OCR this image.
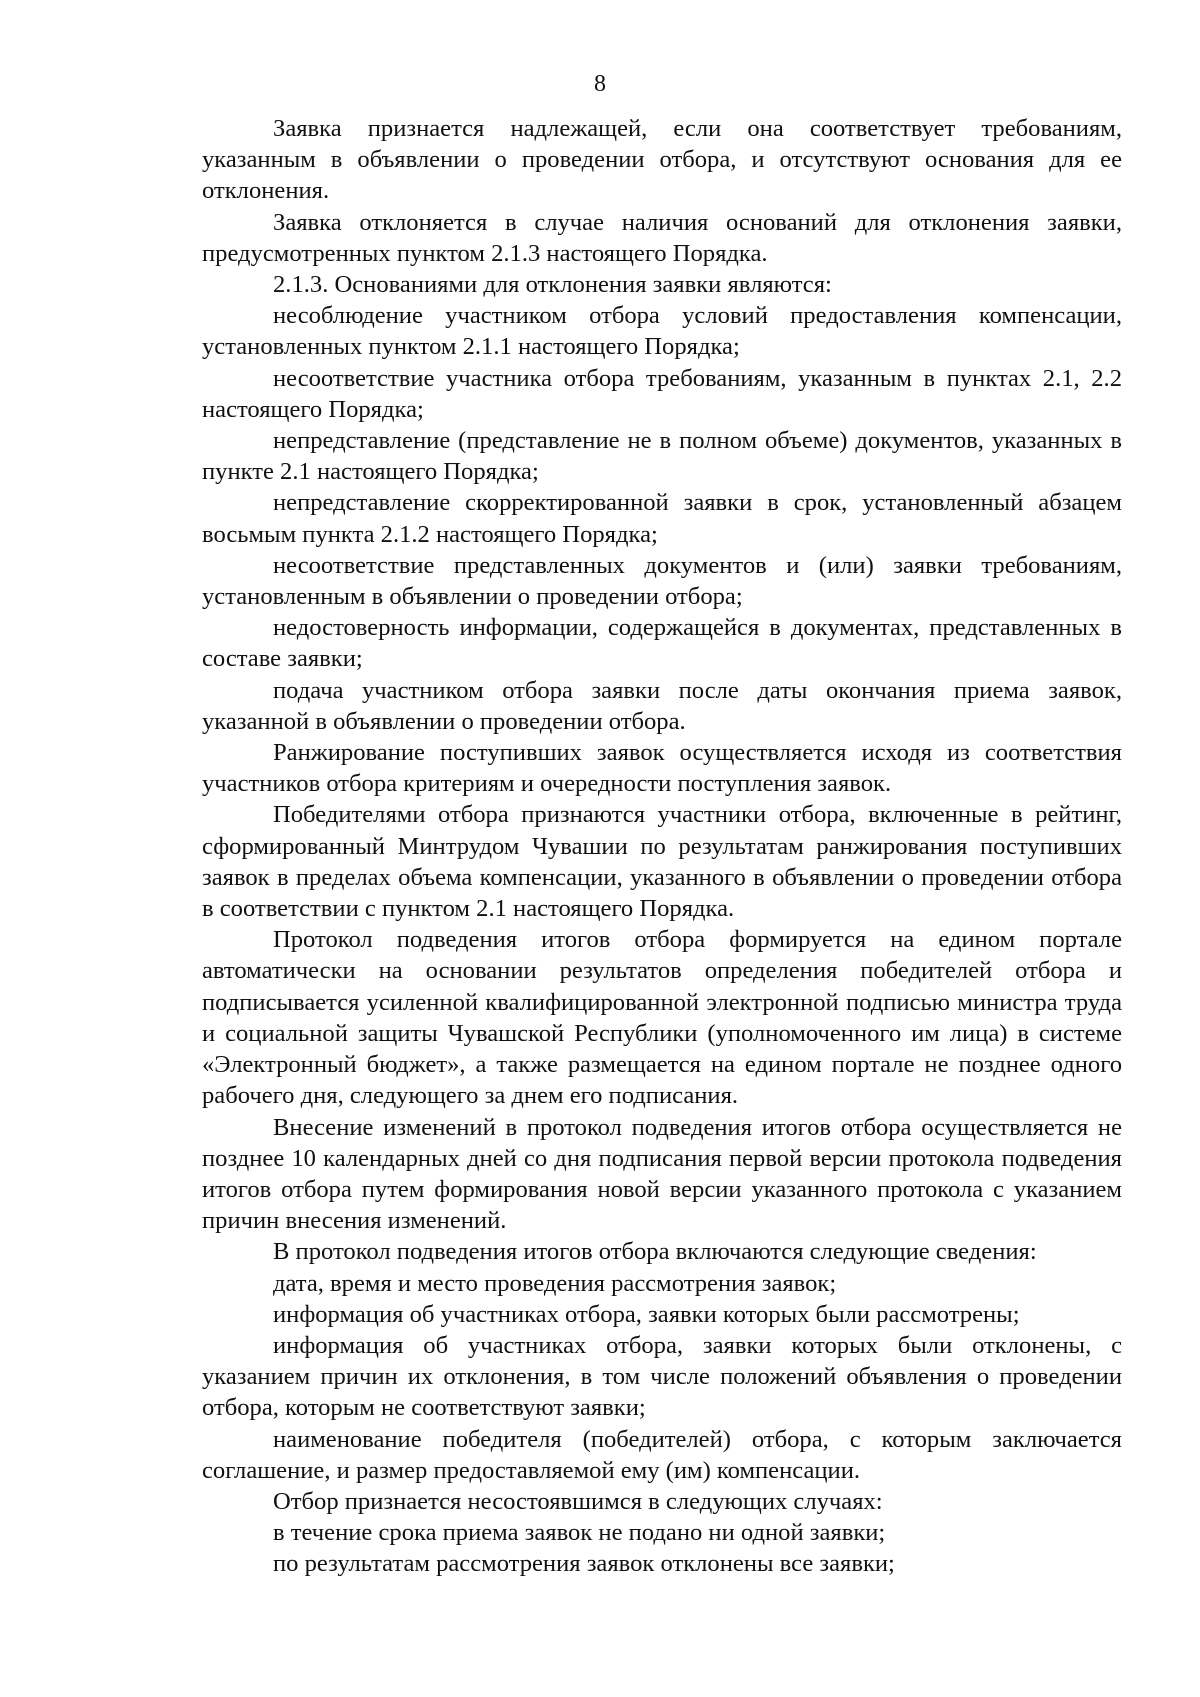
8

Заявка признается надлежащей, если она соответствует требованиям, указанным в объявлении о проведении отбора, и отсутствуют основания для ее отклонения.

Заявка отклоняется в случае наличия оснований для отклонения заявки, предусмотренных пунктом 2.1.3 настоящего Порядка.

2.1.3. Основаниями для отклонения заявки являются:

несоблюдение участником отбора условий предоставления компенсации, установленных пунктом 2.1.1 настоящего Порядка;

несоответствие участника отбора требованиям, указанным в пунктах 2.1, 2.2 настоящего Порядка;

непредставление (представление не в полном объеме) документов, указанных в пункте 2.1 настоящего Порядка;

непредставление скорректированной заявки в срок, установленный абзацем восьмым пункта 2.1.2 настоящего Порядка;

несоответствие представленных документов и (или) заявки требованиям, установленным в объявлении о проведении отбора;

недостоверность информации, содержащейся в документах, представленных в составе заявки;

подача участником отбора заявки после даты окончания приема заявок, указанной в объявлении о проведении отбора.

Ранжирование поступивших заявок осуществляется исходя из соответствия участников отбора критериям и очередности поступления заявок.

Победителями отбора признаются участники отбора, включенные в рейтинг, сформированный Минтрудом Чувашии по результатам ранжирования поступивших заявок в пределах объема компенсации, указанного в объявлении о проведении отбора в соответствии с пунктом 2.1 настоящего Порядка.

Протокол подведения итогов отбора формируется на едином портале автоматически на основании результатов определения победителей отбора и подписывается усиленной квалифицированной электронной подписью министра труда и социальной защиты Чувашской Республики (уполномоченного им лица) в системе «Электронный бюджет», а также размещается на едином портале не позднее одного рабочего дня, следующего за днем его подписания.

Внесение изменений в протокол подведения итогов отбора осуществляется не позднее 10 календарных дней со дня подписания первой версии протокола подведения итогов отбора путем формирования новой версии указанного протокола с указанием причин внесения изменений.

В протокол подведения итогов отбора включаются следующие сведения:

дата, время и место проведения рассмотрения заявок;

информация об участниках отбора, заявки которых были рассмотрены;

информация об участниках отбора, заявки которых были отклонены, с указанием причин их отклонения, в том числе положений объявления о проведении отбора, которым не соответствуют заявки;

наименование победителя (победителей) отбора, с которым заключается соглашение, и размер предоставляемой ему (им) компенсации.

Отбор признается несостоявшимся в следующих случаях:

в течение срока приема заявок не подано ни одной заявки;

по результатам рассмотрения заявок отклонены все заявки;
